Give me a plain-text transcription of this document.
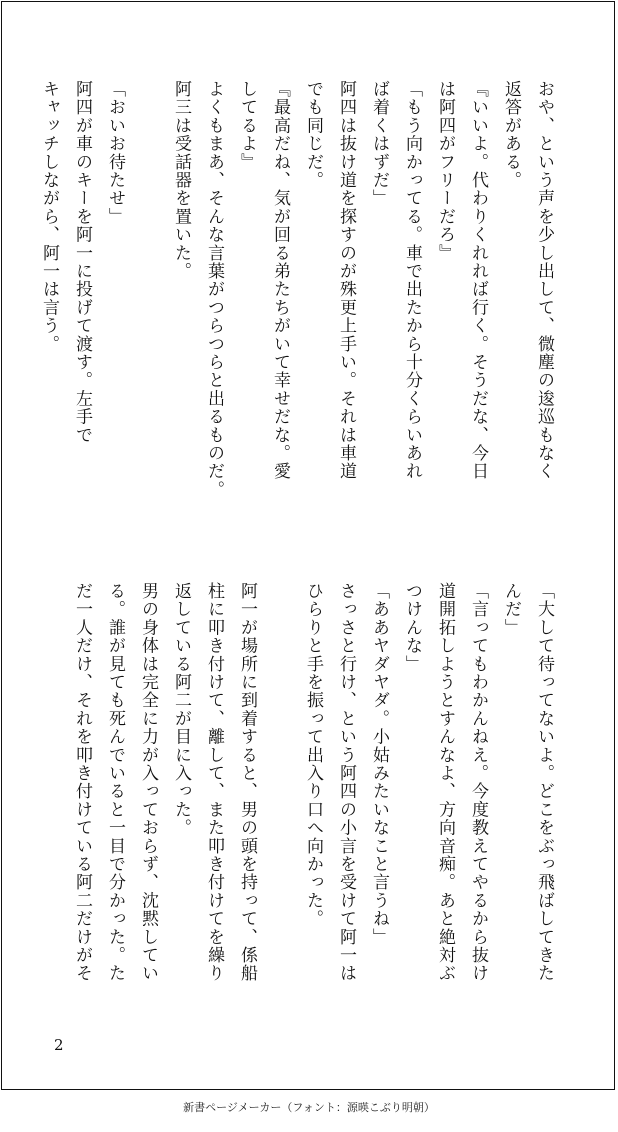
おや、という声を少し出して、微塵の逡巡もなく
返答がある。
『いいよ。代わりくれれば行く。そうだな、今日
は阿四がフリーだろ』
「もう向かってる。車で出たから十分くらいあれ
ば着くはずだ」
阿四は抜け道を探すのが殊更上手い。それは車道
でも同じだ。
『最高だね、気が回る弟たちがいて幸せだな。愛
してるよ』
よくもまあ、そんな言葉がつらつらと出るものだ。
阿三は受話器を置いた。

「おいお待たせ」
阿四が車のキーを阿一に投げて渡す。左手で
キャッチしながら、阿一は言う。
「大して待ってないよ。どこをぶっ飛ばしてきた
んだ」
「言ってもわかんねえ。今度教えてやるから抜け
道開拓しようとすんなよ、方向音痴。あと絶対ぶ
つけんな」
「ああヤダヤダ。小姑みたいなこと言うね」
さっさと行け、という阿四の小言を受けて阿一は
ひらりと手を振って出入り口へ向かった。

阿一が場所に到着すると、男の頭を持って、係船
柱に叩き付けて、離して、また叩き付けてを繰り
返している阿二が目に入った。
男の身体は完全に力が入っておらず、沈黙してい
る。誰が見ても死んでいると一目で分かった。た
だ一人だけ、それを叩き付けている阿二だけがそ
2
新書ページメーカー（フォント：源暎こぶり明朝）
